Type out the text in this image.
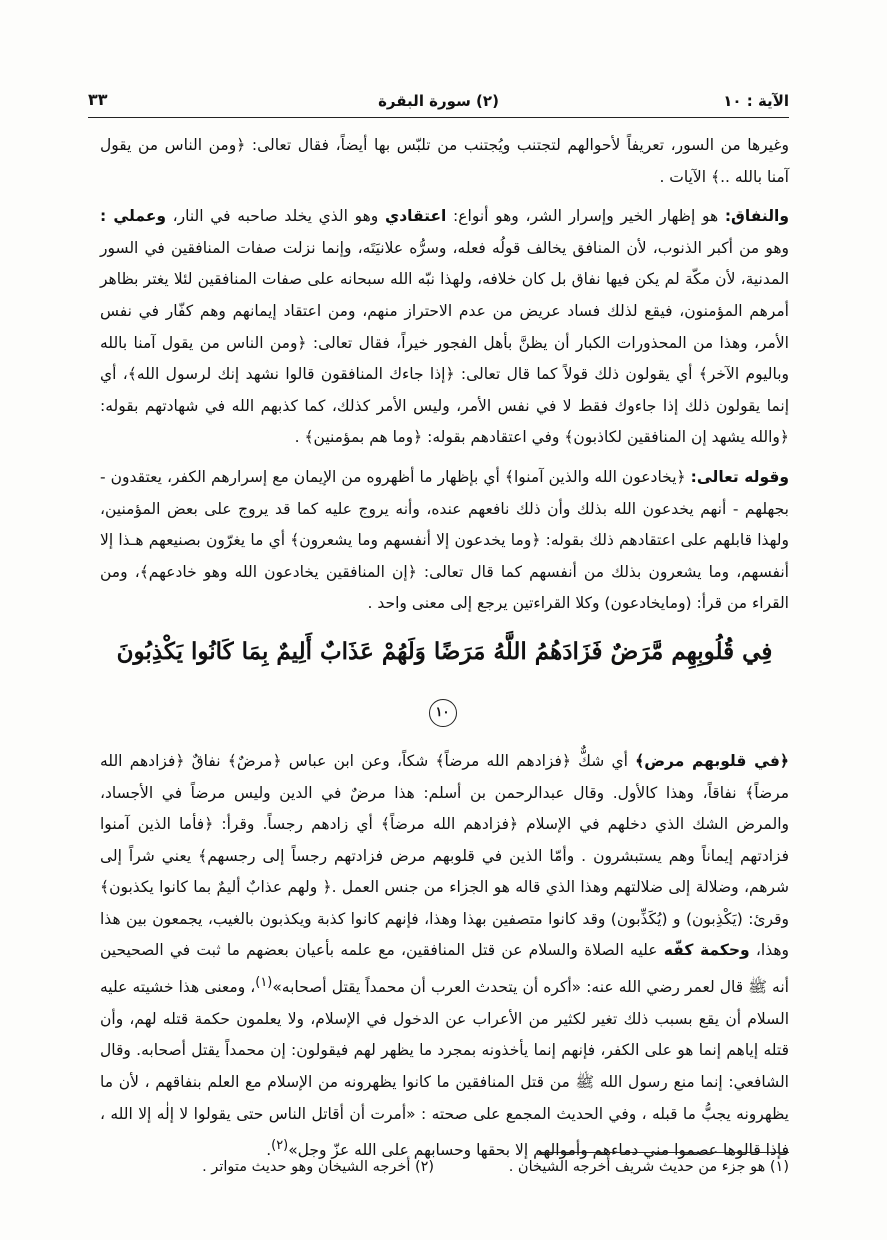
الآية : ١٠
(٢) سورة البقرة
٣٣

وغيرها من السور، تعريفاً لأحوالهم لتجتنب ويُجتنب من تلبّس بها أيضاً، فقال تعالى: ﴿ومن الناس من يقول آمنا بالله ..﴾ الآيات .

والنفاق: هو إظهار الخير وإسرار الشر، وهو أنواع: اعتقادي وهو الذي يخلد صاحبه في النار، وعملي : وهو من أكبر الذنوب، لأن المنافق يخالف قولُه فعله، وسرُّه علانيَتَه، وإنما نزلت صفات المنافقين في السور المدنية، لأن مكّة لم يكن فيها نفاق بل كان خلافه، ولهذا نبّه الله سبحانه على صفات المنافقين لئلا يغتر بظاهر أمرهم المؤمنون، فيقع لذلك فساد عريض من عدم الاحتراز منهم، ومن اعتقاد إيمانهم وهم كفّار في نفس الأمر، وهذا من المحذورات الكبار أن يظنَّ بأهل الفجور خيراً، فقال تعالى: ﴿ومن الناس من يقول آمنا بالله وباليوم الآخر﴾ أي يقولون ذلك قولاً كما قال تعالى: ﴿إذا جاءك المنافقون قالوا نشهد إنك لرسول الله﴾، أي إنما يقولون ذلك إذا جاءوك فقط لا في نفس الأمر، وليس الأمر كذلك، كما كذبهم الله في شهادتهم بقوله: ﴿والله يشهد إن المنافقين لكاذبون﴾ وفي اعتقادهم بقوله: ﴿وما هم بمؤمنين﴾ .

وقوله تعالى: ﴿يخادعون الله والذين آمنوا﴾ أي بإظهار ما أظهروه من الإيمان مع إسرارهم الكفر، يعتقدون - بجهلهم - أنهم يخدعون الله بذلك وأن ذلك نافعهم عنده، وأنه يروج عليه كما قد يروج على بعض المؤمنين، ولهذا قابلهم على اعتقادهم ذلك بقوله: ﴿وما يخدعون إلا أنفسهم وما يشعرون﴾ أي ما يغرّون بصنيعهم هـذا إلا أنفسهم، وما يشعرون بذلك من أنفسهم كما قال تعالى: ﴿إن المنافقين يخادعون الله وهو خادعهم﴾، ومن القراء من قرأ: (ومايخادعون) وكلا القراءتين يرجع إلى معنى واحد .

فِي قُلُوبِهِم مَّرَضٌ فَزَادَهُمُ اللَّهُ مَرَضًا وَلَهُمْ عَذَابٌ أَلِيمٌ بِمَا كَانُوا يَكْذِبُونَ ١٠

﴿في قلوبهم مرض﴾ أي شكٌّ ﴿فزادهم الله مرضاً﴾ شكاً، وعن ابن عباس ﴿مرضٌ﴾ نفاقٌ ﴿فزادهم الله مرضاً﴾ نفاقاً، وهذا كالأول. وقال عبدالرحمن بن أسلم: هذا مرضٌ في الدين وليس مرضاً في الأجساد، والمرض الشك الذي دخلهم في الإسلام ﴿فزادهم الله مرضاً﴾ أي زادهم رجساً. وقرأ: ﴿فأما الذين آمنوا فزادتهم إيماناً وهم يستبشرون . وأمّا الذين في قلوبهم مرض فزادتهم رجساً إلى رجسهم﴾ يعني شراً إلى شرهم، وضلالة إلى ضلالتهم وهذا الذي قاله هو الجزاء من جنس العمل .﴿ ولهم عذابٌ أليمٌ بما كانوا يكذبون﴾ وقرئ: (يَكْذِبون) و (يُكَذِّبون) وقد كانوا متصفين بهذا وهذا، فإنهم كانوا كذبة ويكذبون بالغيب، يجمعون بين هذا وهذا، وحكمة كفّه عليه الصلاة والسلام عن قتل المنافقين، مع علمه بأعيان بعضهم ما ثبت في الصحيحين أنه ﷺ قال لعمر رضي الله عنه: «أكره أن يتحدث العرب أن محمداً يقتل أصحابه»$^{(١)}$، ومعنى هذا خشيته عليه السلام أن يقع بسبب ذلك تغير لكثير من الأعراب عن الدخول في الإسلام، ولا يعلمون حكمة قتله لهم، وأن قتله إياهم إنما هو على الكفر، فإنهم إنما يأخذونه بمجرد ما يظهر لهم فيقولون: إن محمداً يقتل أصحابه. وقال الشافعي: إنما منع رسول الله ﷺ من قتل المنافقين ما كانوا يظهرونه من الإسلام مع العلم بنفاقهم ، لأن ما يظهرونه يجبُّ ما قبله ، وفي الحديث المجمع على صحته : «أمرت أن أقاتل الناس حتى يقولوا لا إلٰه إلا الله ، فإذا قالوها عصموا مني دماءهم وأموالهم إلا بحقها وحسابهم على الله عزّ وجل»$^{(٢)}$.

(١) هو جزء من حديث شريف أخرجه الشيخان . (٢) أخرجه الشيخان وهو حديث متواتر .
